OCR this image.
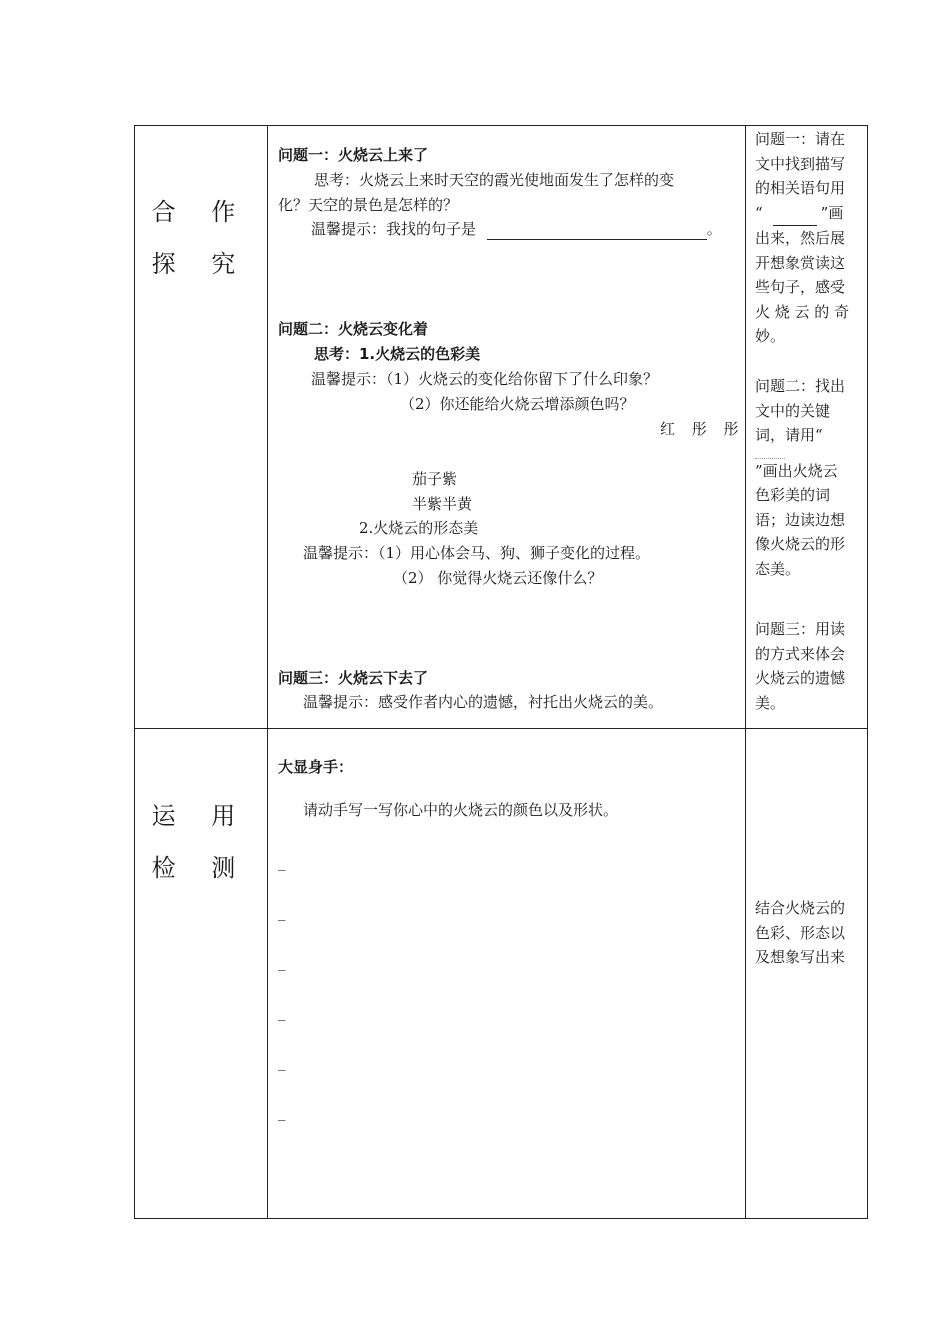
合 作
探 究
问题一：火烧云上来了
思考：火烧云上来时天空的霞光使地面发生了怎样的变
化？天空的景色是怎样的？
温馨提示：我找的句子是	。
问题二：火烧云变化着
思考：1.火烧云的色彩美
温馨提示：（1）火烧云的变化给你留下了什么印象？
（2）你还能给火烧云增添颜色吗？
红 彤 彤
茄子紫
半紫半黄
2.火烧云的形态美
温馨提示：（1）用心体会马、狗、狮子变化的过程。
（2） 你觉得火烧云还像什么？
问题三：火烧云下去了
温馨提示：感受作者内心的遗憾，衬托出火烧云的美。
问题一：请在
文中找到描写
的相关语句用
“	”画
出来，然后展
开想象赏读这
些句子，感受
火 烧 云 的 奇
妙。
问题二：找出
文中的关键
词，请用“
”画出火烧云
色彩美的词
语；边读边想
像火烧云的形
态美。
问题三：用读
的方式来体会
火烧云的遗憾
美。
运 用
检 测
大显身手：
请动手写一写你心中的火烧云的颜色以及形状。
_
_
_
_
_
_
结合火烧云的
色彩、形态以
及想象写出来
